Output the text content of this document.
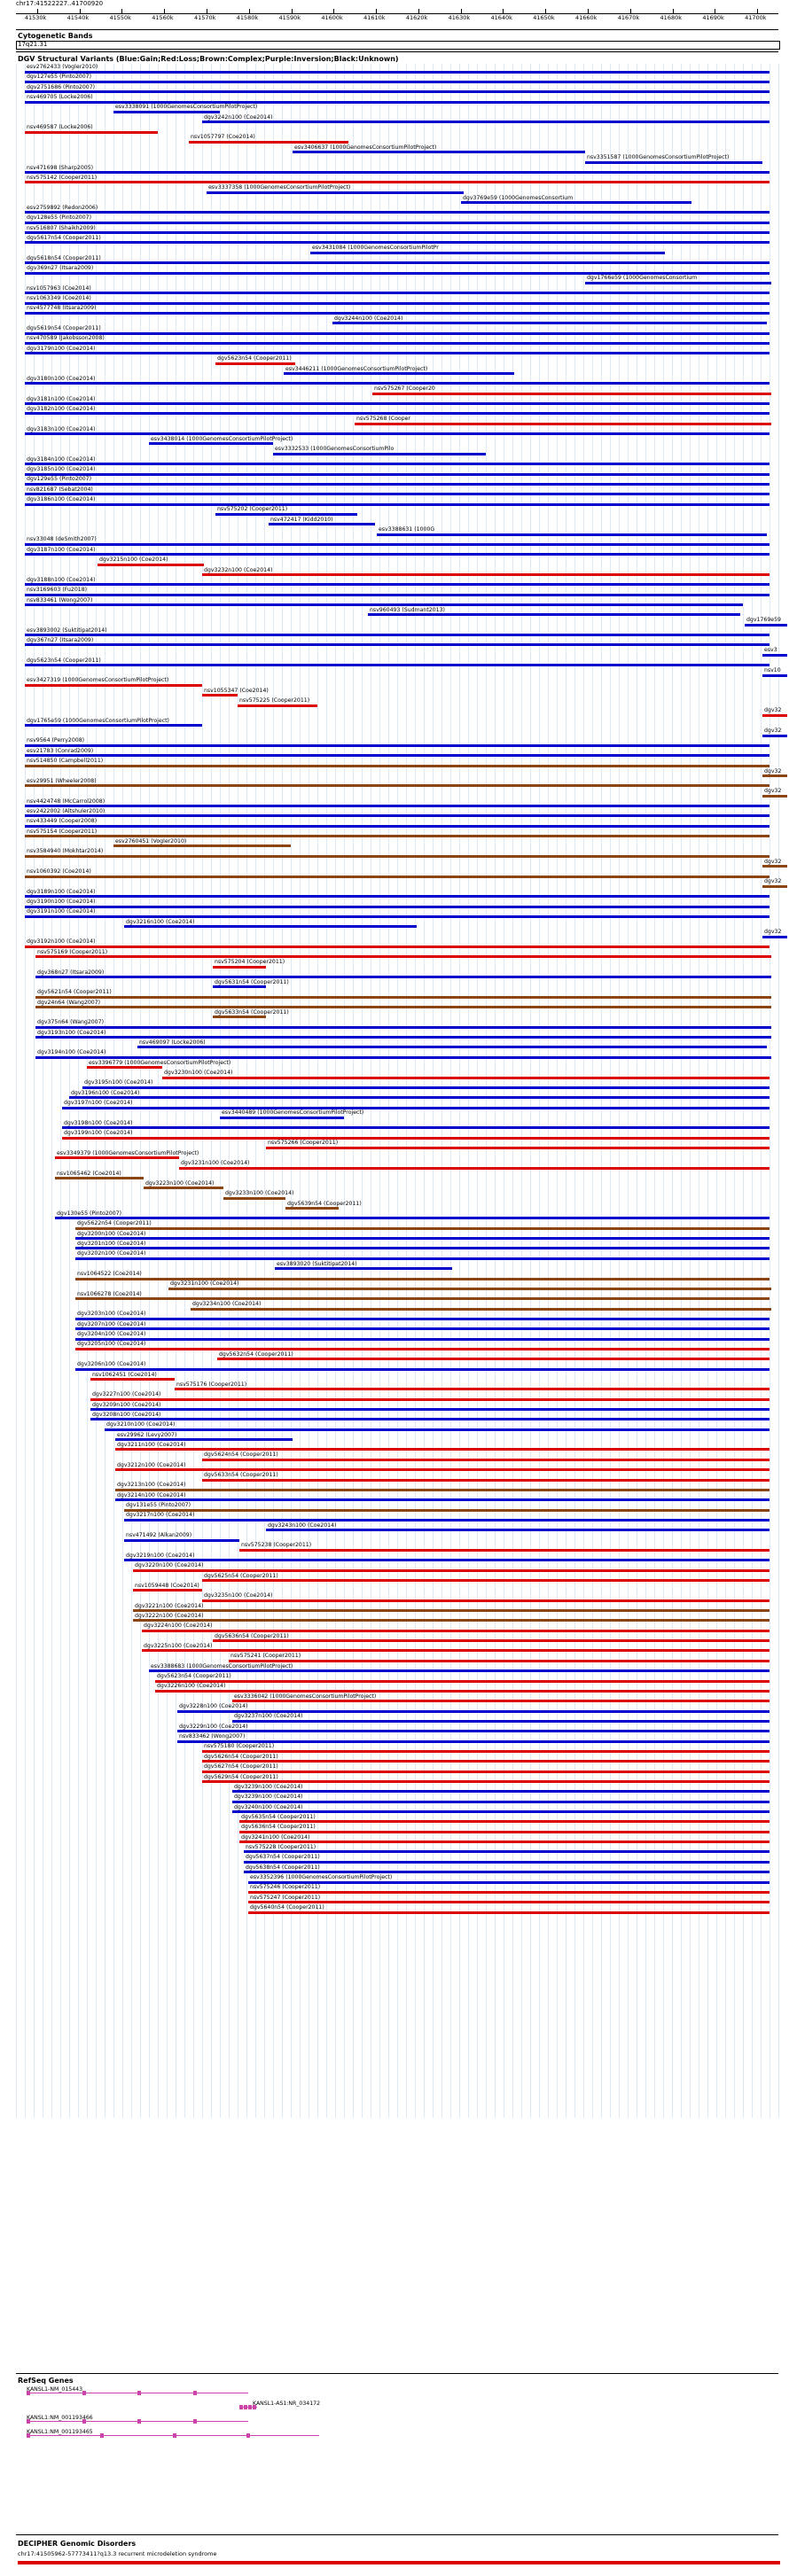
chr17:41522227..41700920
41530k	41540k	41550k	41560k	41570k	41580k	41590k	41600k	41610k	41620k	41630k	41640k	41650k	41660k	41670k	41680k	41690k	41700k
Cytogenetic Bands
17q21.31
DGV Structural Variants (Blue:Gain;Red:Loss;Brown:Complex;Purple:Inversion;Black:Unknown)
esv2762433 (Vogler2010)
dgv127e55 (Pinto2007)
dgv2751686 (Pinto2007)
nsv469705 (Locke2006)
esv3338091 (1000GenomesConsortiumPilotProject)
dgv3242n100 (Coe2014)
nsv469587 (Locke2006)
nsv1057797 (Coe2014)
esv3406637 (1000GenomesConsortiumPilotProject)
nsv3351587 (1000GenomesConsortiumPilotProject)
nsv471698 (Sharp2005)
nsv575142 (Cooper2011)
esv3337358 (1000GenomesConsortiumPilotProject)
dgv3769e59 (1000GenomesConsortium
esv2759892 (Redon2006)
dgv128e55 (Pinto2007)
nsv516807 (Shaikh2009)
dgv5617n54 (Cooper2011)
esv3431084 (1000GenomesConsortiumPilotPr
dgv5618n54 (Cooper2011)
dgv369n27 (Itsara2009)
dgv1766e59 (1000GenomesConsortium
nsv1057963 (Coe2014)
nsv1063349 (Coe2014)
nsv4577748 (Itsara2009)
dgv3244n100 (Coe2014)
dgv5619n54 (Cooper2011)
nsv470589 (Jakobsson2008)
dgv3179n100 (Coe2014)
dgv5623n54 (Cooper2011)
esv3446211 (1000GenomesConsortiumPilotProject)
dgv3180n100 (Coe2014)
nsv575267 (Cooper20
dgv3181n100 (Coe2014)
dgv3182n100 (Coe2014)
nsv575268 (Cooper
dgv3183n100 (Coe2014)
esv3438014 (1000GenomesConsortiumPilotProject)
esv3332533 (1000GenomesConsortiumPilo
dgv3184n100 (Coe2014)
dgv3185n100 (Coe2014)
dgv129e55 (Pinto2007)
nsv821687 (Sebat2004)
dgv3186n100 (Coe2014)
nsv575202 (Cooper2011)
nsv472417 (Kidd2010)
esv3388631 (1000G
nsv33048 (deSmith2007)
dgv3187n100 (Coe2014)
dgv3215n100 (Coe2014)
dgv3232n100 (Coe2014)
dgv3188n100 (Coe2014)
nsv3169603 (Fu2018)
nsv833461 (Wong2007)
nsv960493 (Sudmant2013)
dgv1769e59
esv3893002 (Suktitipat2014)
dgv367n27 (Itsara2009)
esv3
dgv5623n54 (Cooper2011)
nsv10
esv3427319 (1000GenomesConsortiumPilotProject)
nsv1055347 (Coe2014)
nsv575225 (Cooper2011)
dgv32
dgv1765e59 (1000GenomesConsortiumPilotProject)
dgv32
nsv9564 (Perry2008)
esv21783 (Conrad2009)
nsv514850 (Campbell2011)
dgv32
esv29951 (Wheeler2008)
dgv32
nsv4424748 (McCarrol2008)
esv2422002 (Altshuler2010)
nsv433449 (Cooper2008)
nsv575154 (Cooper2011)
esv2760451 (Vogler2010)
nsv3584940 (Mokhtar2014)
dgv32
nsv1060392 (Coe2014)
dgv32
dgv3189n100 (Coe2014)
dgv3190n100 (Coe2014)
dgv3191n100 (Coe2014)
dgv3216n100 (Coe2014)
dgv32
dgv3192n100 (Coe2014)
nsv575169 (Cooper2011)
nsv575204 (Cooper2011)
dgv368n27 (Itsara2009)
dgv5631n54 (Cooper2011)
dgv5621n54 (Cooper2011)
dgv24n64 (Wang2007)
dgv5633n54 (Cooper2011)
dgv375n64 (Wang2007)
dgv3193n100 (Coe2014)
nsv469097 (Locke2006)
dgv3194n100 (Coe2014)
esv3396779 (1000GenomesConsortiumPilotProject)
dgv3230n100 (Coe2014)
dgv3195n100 (Coe2014)
dgv3196n100 (Coe2014)
dgv3197n100 (Coe2014)
esv3440489 (1000GenomesConsortiumPilotProject)
dgv3198n100 (Coe2014)
dgv3199n100 (Coe2014)
nsv575266 (Cooper2011)
esv3349379 (1000GenomesConsortiumPilotProject)
dgv3231n100 (Coe2014)
nsv1065462 (Coe2014)
dgv3223n100 (Coe2014)
dgv3233n100 (Coe2014)
dgv5639n54 (Cooper2011)
dgv130e55 (Pinto2007)
dgv5622n54 (Cooper2011)
dgv3200n100 (Coe2014)
dgv3201n100 (Coe2014)
dgv3202n100 (Coe2014)
esv3893020 (Suktitipat2014)
nsv1064522 (Coe2014)
dgv3231n100 (Coe2014)
nsv1066278 (Coe2014)
dgv3234n100 (Coe2014)
dgv3203n100 (Coe2014)
dgv3207n100 (Coe2014)
dgv3204n100 (Coe2014)
dgv3205n100 (Coe2014)
dgv5632n54 (Cooper2011)
dgv3206n100 (Coe2014)
nsv1062451 (Coe2014)
nsv575176 (Cooper2011)
dgv3227n100 (Coe2014)
dgv3209n100 (Coe2014)
dgv3208n100 (Coe2014)
dgv3210n100 (Coe2014)
esv29962 (Levy2007)
dgv3211n100 (Coe2014)
dgv5624n54 (Cooper2011)
dgv3212n100 (Coe2014)
dgv5633n54 (Cooper2011)
dgv3213n100 (Coe2014)
dgv3214n100 (Coe2014)
dgv131e55 (Pinto2007)
dgv3217n100 (Coe2014)
dgv3243n100 (Coe2014)
nsv471492 (Alkan2009)
nsv575238 (Cooper2011)
dgv3219n100 (Coe2014)
dgv3220n100 (Coe2014)
dgv5625n54 (Cooper2011)
nsv1059448 (Coe2014)
dgv3235n100 (Coe2014)
dgv3221n100 (Coe2014)
dgv3222n100 (Coe2014)
dgv3224n100 (Coe2014)
dgv5636n54 (Cooper2011)
dgv3225n100 (Coe2014)
nsv575241 (Cooper2011)
esv3388683 (1000GenomesConsortiumPilotProject)
dgv5623n54 (Cooper2011)
dgv3226n100 (Coe2014)
esv3336042 (1000GenomesConsortiumPilotProject)
dgv3228n100 (Coe2014)
dgv3237n100 (Coe2014)
dgv3229n100 (Coe2014)
nsv833462 (Wong2007)
nsv575180 (Cooper2011)
dgv5626n54 (Cooper2011)
dgv5627n54 (Cooper2011)
dgv5629n54 (Cooper2011)
dgv3239n100 (Coe2014)
dgv3239n100 (Coe2014)
dgv3240n100 (Coe2014)
dgv5635n54 (Cooper2011)
dgv5636n54 (Cooper2011)
dgv3241n100 (Coe2014)
nsv575228 (Cooper2011)
dgv5637n54 (Cooper2011)
dgv5638n54 (Cooper2011)
esv3352396 (1000GenomesConsortiumPilotProject)
nsv575246 (Cooper2011)
nsv575247 (Cooper2011)
dgv5640n54 (Cooper2011)
RefSeq Genes
KANSL1-NM_015443
KANSL1-AS1:NR_034172
KANSL1:NM_001193466
KANSL1:NM_001193465
DECIPHER Genomic Disorders
chr17:41505962-57773411?q13.3 recurrent microdeletion syndrome
